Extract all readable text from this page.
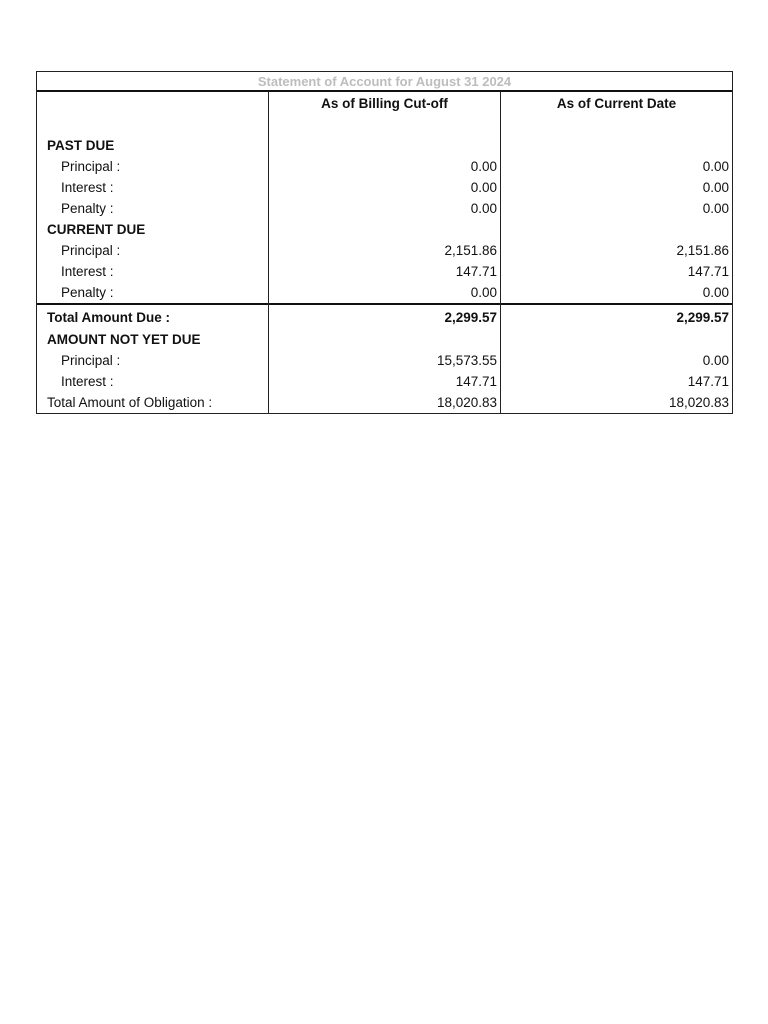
Statement of Account for August 31 2024
PAST DUE
Principal :
Interest :
Penalty :
CURRENT DUE
Principal :
Interest :
Penalty :
Total Amount Due :
AMOUNT NOT YET DUE
Principal :
Interest :
Total Amount of Obligation :
As of Billing Cut-off
0.00
0.00
0.00
2,151.86
147.71
0.00
2,299.57
15,573.55
147.71
18,020.83
As of Current Date
0.00
0.00
0.00
2,151.86
147.71
0.00
2,299.57
0.00
147.71
18,020.83
